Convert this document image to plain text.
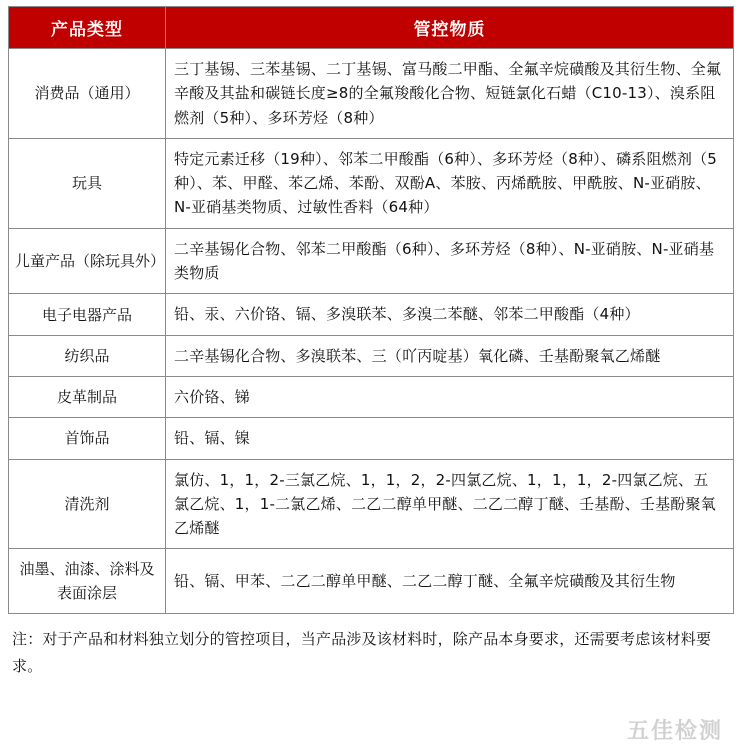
产品类型	管控物质
消费品（通用）	三丁基锡、三苯基锡、二丁基锡、富马酸二甲酯、全氟辛烷磺酸及其衍生物、全氟辛酸及其盐和碳链长度≥8的全氟羧酸化合物、短链氯化石蜡（C10-13）、溴系阻燃剂（5种）、多环芳烃（8种）
玩具	特定元素迁移（19种）、邻苯二甲酸酯（6种）、多环芳烃（8种）、磷系阻燃剂（5种）、苯、甲醛、苯乙烯、苯酚、双酚A、苯胺、丙烯酰胺、甲酰胺、N-亚硝胺、N-亚硝基类物质、过敏性香料（64种）
儿童产品（除玩具外）	二辛基锡化合物、邻苯二甲酸酯（6种）、多环芳烃（8种）、N-亚硝胺、N-亚硝基类物质
电子电器产品	铅、汞、六价铬、镉、多溴联苯、多溴二苯醚、邻苯二甲酸酯（4种）
纺织品	二辛基锡化合物、多溴联苯、三（吖丙啶基）氧化磷、壬基酚聚氧乙烯醚
皮革制品	六价铬、锑
首饰品	铅、镉、镍
清洗剂	氯仿、1，1，2-三氯乙烷、1，1，2，2-四氯乙烷、1，1，1，2-四氯乙烷、五氯乙烷、1，1-二氯乙烯、二乙二醇单甲醚、二乙二醇丁醚、壬基酚、壬基酚聚氧乙烯醚
油墨、油漆、涂料及表面涂层	铅、镉、甲苯、二乙二醇单甲醚、二乙二醇丁醚、全氟辛烷磺酸及其衍生物
注：对于产品和材料独立划分的管控项目，当产品涉及该材料时，除产品本身要求，还需要考虑该材料要求。
五佳检测
